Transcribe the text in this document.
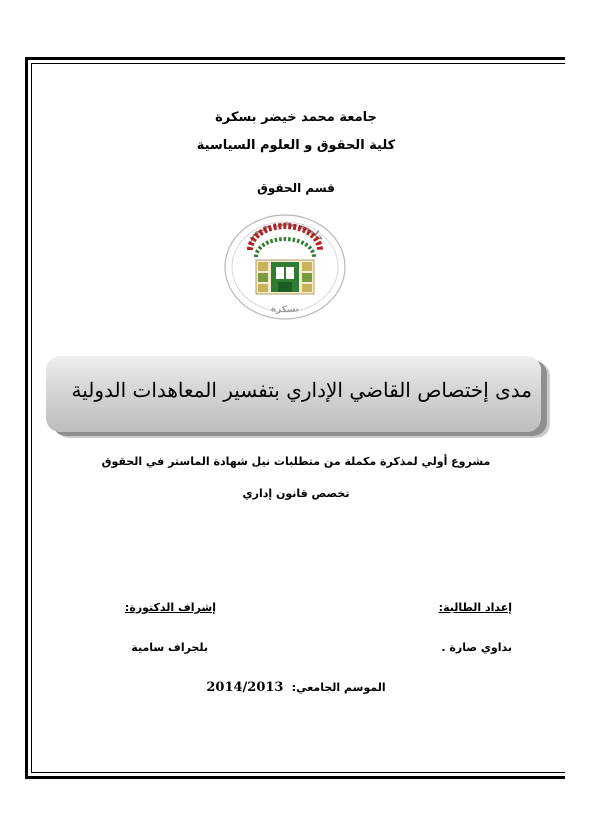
جامعة محمد خيضر بسكرة
كلية الحقوق و العلوم السياسية
قسم الحقوق
جامعة محمد خيضر
بسكرة
مدى إختصاص القاضي الإداري بتفسير المعاهدات الدولية
مشروع أولي لمذكرة مكملة من متطلبات نيل شهادة الماستر في الحقوق
تخصص قانون إداري
إعداد الطالبة:
إشراف الدكتورة:
بداوي صارة .
بلجراف سامية
الموسم الجامعي: 2014/2013
